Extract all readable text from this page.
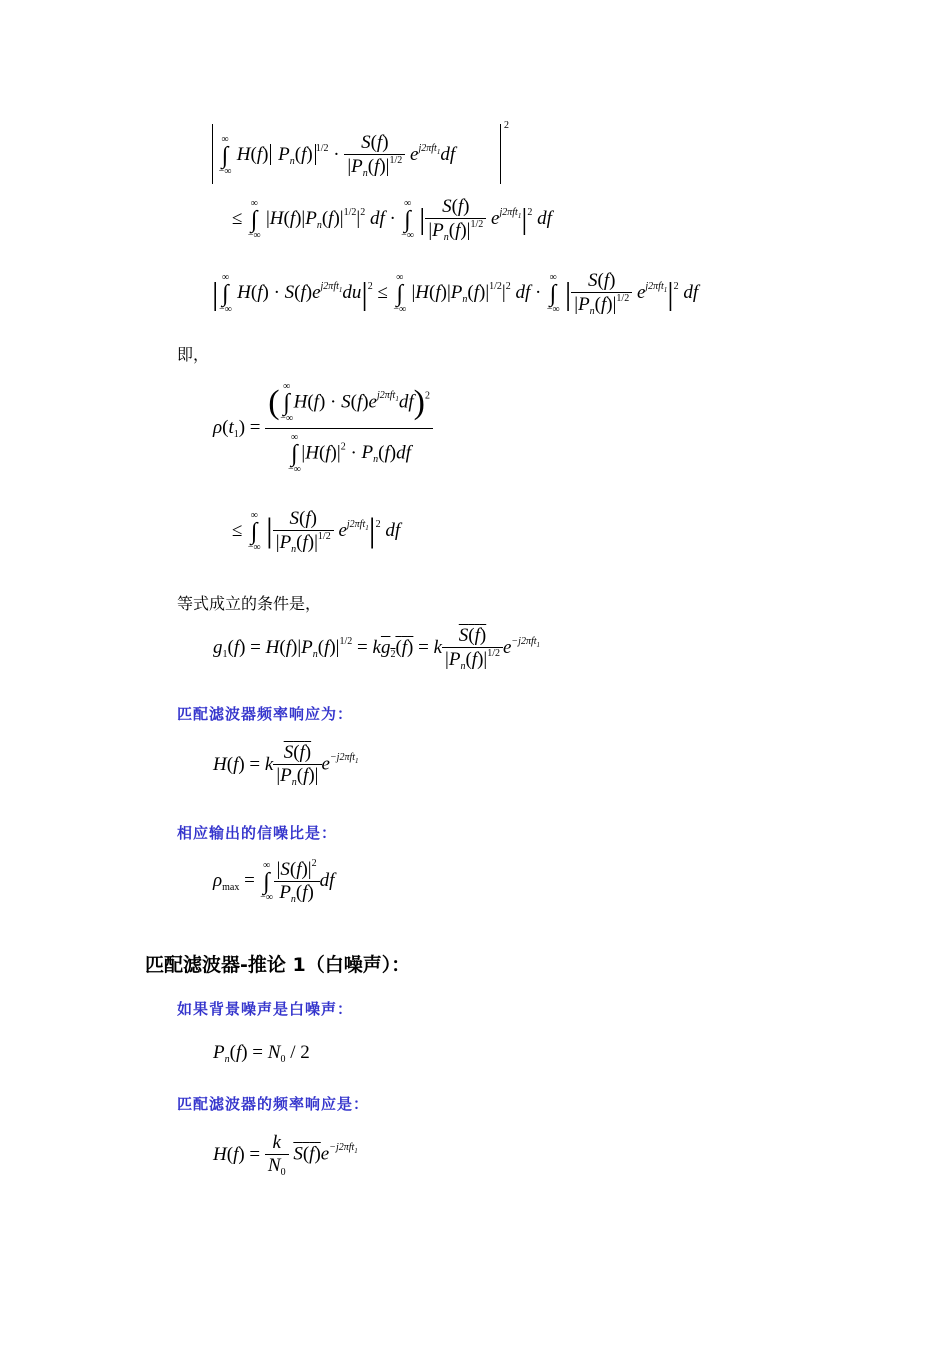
∞
∫
−∞
H(f) $P_n(f) ^{1/2} \cdot \frac{S(f)}{|P_n(f)|^{1/2}} e^{j2\pi ft_1}df$
2
≤
∞
∫
−∞
$|H(f)|P_n(f)|^{1/2}|^2$ df ·
∞
∫
−∞ | $\frac{S(f)}{|P_n(f)|^{1/2}} e^{j2\pi ft_1}|^2$ df
| ∞
∫
−∞
$H(f) \cdot S(f)e^{j2\pi ft_1}du|^2$ ≤
∞
∫
−∞
$|H(f)|P_n(f)|^{1/2}|^2$ df ·
∞
∫
−∞ | $\frac{S(f)}{|P_n(f)|^{1/2}} e^{j2\pi ft_1}|^2$ df
即，
$\rho(t_1)$ = ( ∞
∫
−∞
$H(f) \cdot S(f)e^{j2\pi ft_1}df)^2$
∞
∫
−∞
$|H(f)|^2 \cdot P_n(f)df$
≤
∞
∫
−∞ | $\frac{S(f)}{|P_n(f)|^{1/2}} e^{j2\pi ft_1}|^2$ df
等式成立的条件是，
$g_1(f) = H(f)|P_n(f)|^{1/2} = kg_2(f) = k \frac{S(f)}{|P_n(f)|^{1/2}} e^{-j2\pi ft_1}$
匹配滤波器频率响应为：
H(f) = k $\frac{S(f)}{|P_n(f)|} e^{-j2\pi ft_1}$
相应输出的信噪比是：
$\rho_{max}$ =
∞
∫
−∞ $\frac{|S(f)|^2}{P_n(f)}$ df
匹配滤波器-推论 1（白噪声）：
如果背景噪声是白噪声：
$P_n(f) = N_0 / 2$
匹配滤波器的频率响应是：
$H(f) = \frac{k}{N_0} S(f)e^{-j2\pi ft_1}$
